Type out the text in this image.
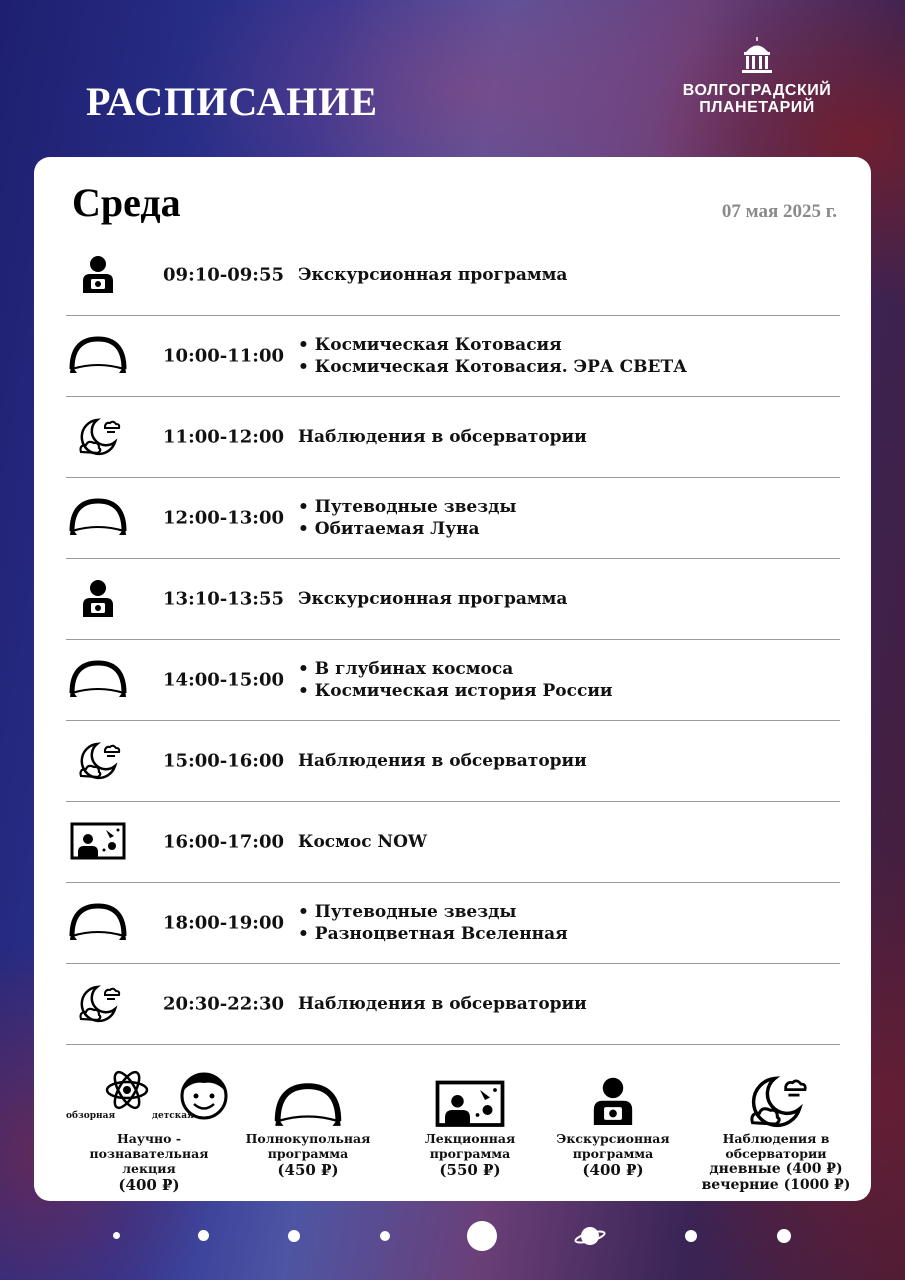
РАСПИСАНИЕ	ВОЛГОГРАДСКИЙ
ПЛАНЕТАРИЙ
Среда	07 мая 2025 г.
09:10-09:55 Экскурсионная программа
10:00-11:00
• Космическая Котовасия
• Космическая Котовасия. ЭРА СВЕТА
11:00-12:00 Наблюдения в обсерватории
12:00-13:00
• Путеводные звезды
• Обитаемая Луна
13:10-13:55 Экскурсионная программа
14:00-15:00
• В глубинах космоса
• Космическая история России
15:00-16:00 Наблюдения в обсерватории
16:00-17:00 Космос NOW
18:00-19:00
• Путеводные звезды
• Разноцветная Вселенная
20:30-22:30 Наблюдения в обсерватории
обзорная	детская
Научно - познавательная
лекция
(400 ₽)
Полнокупольная
программа
(450 ₽)
Лекционная
программа
(550 ₽)
Экскурсионная
программа
(400 ₽)
Наблюдения в обсерватории
дневные (400 ₽)
вечерние (1000 ₽)
